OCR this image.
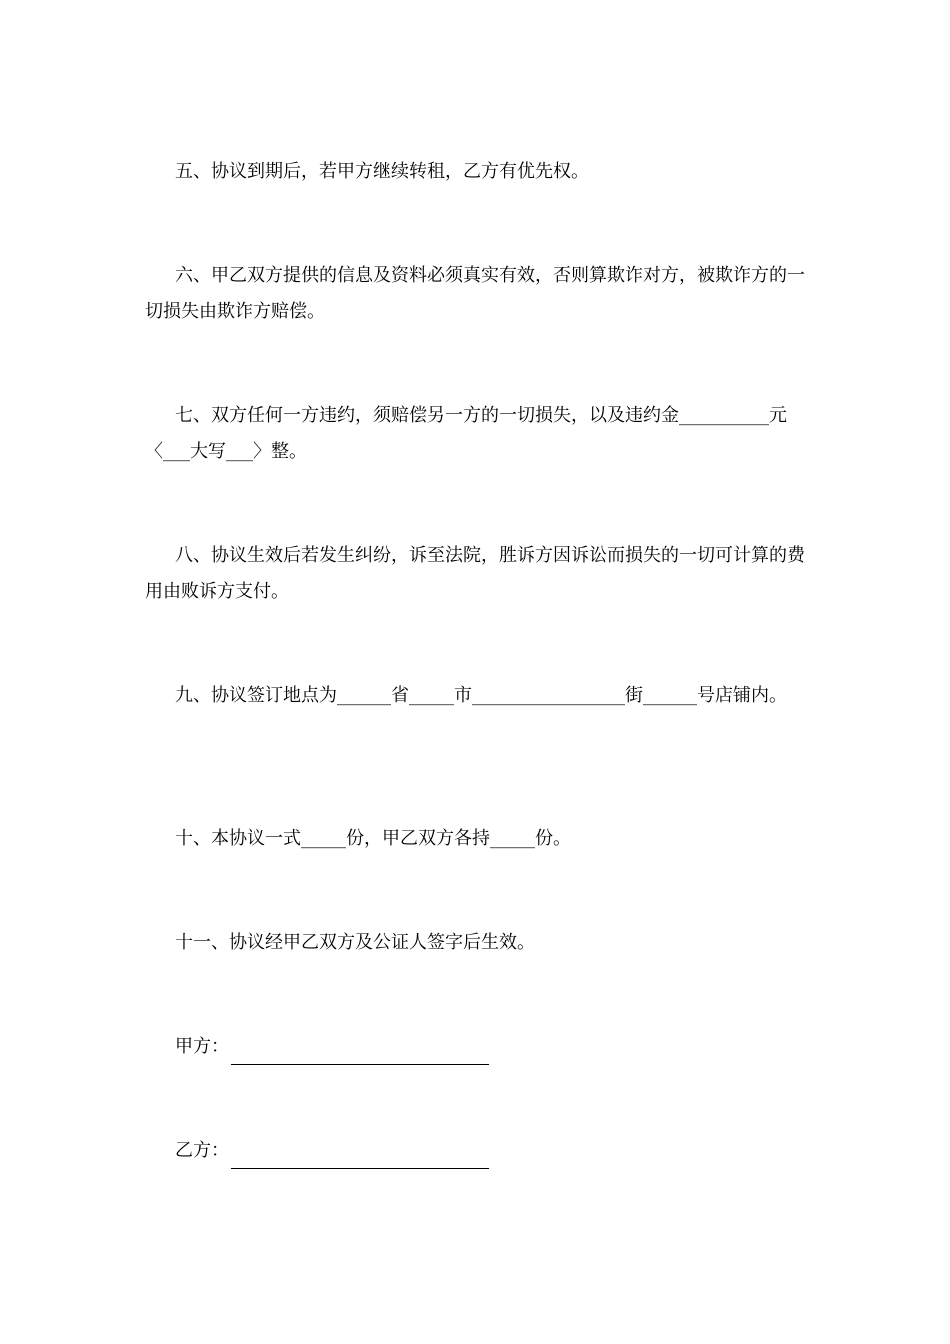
五、协议到期后，若甲方继续转租，乙方有优先权。

六、甲乙双方提供的信息及资料必须真实有效，否则算欺诈对方，被欺诈方的一切损失由欺诈方赔偿。

七、双方任何一方违约，须赔偿另一方的一切损失，以及违约金__________元〈___大写___〉整。

八、协议生效后若发生纠纷，诉至法院，胜诉方因诉讼而损失的一切可计算的费用由败诉方支付。

九、协议签订地点为______省_____市_________________街______号店铺内。

十、本协议一式_____份，甲乙双方各持_____份。

十一、协议经甲乙双方及公证人签字后生效。

甲方：
乙方：
